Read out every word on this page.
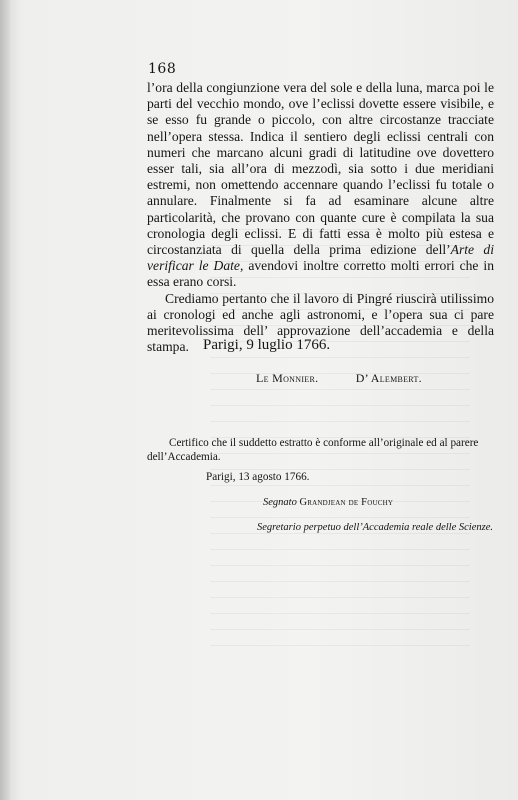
168

l’ora della congiunzione vera del sole e della luna, marca poi le parti del vecchio mondo, ove l’eclissi dovette essere visibile, e se esso fu grande o piccolo, con altre circostanze tracciate nell’opera stessa. Indica il sentiero degli eclissi centrali con numeri che marcano alcuni gradi di latitudine ove dovettero esser tali, sia all’ora di mezzodì, sia sotto i due meridiani estremi, non omettendo accennare quando l’eclissi fu totale o annulare. Finalmente si fa ad esaminare alcune altre particolarità, che provano con quante cure è compilata la sua cronologia degli eclissi. E di fatti essa è molto più estesa e circostanziata di quella della prima edizione dell’Arte di verificar le Date, avendovi inoltre corretto molti errori che in essa erano corsi.

Crediamo pertanto che il lavoro di Pingré riuscirà utilissimo ai cronologi ed anche agli astronomi, e l’opera sua ci pare meritevolissima dell’ approvazione dell’accademia e della stampa. Parigi, 9 luglio 1766.
Le Monnier.	D’ Alembert.
Certifico che il suddetto estratto è conforme all’originale ed al parere dell’Accademia.
Parigi, 13 agosto 1766.
Segnato Grandjean de Fouchy
Segretario perpetuo dell’Accademia reale delle Scienze.
